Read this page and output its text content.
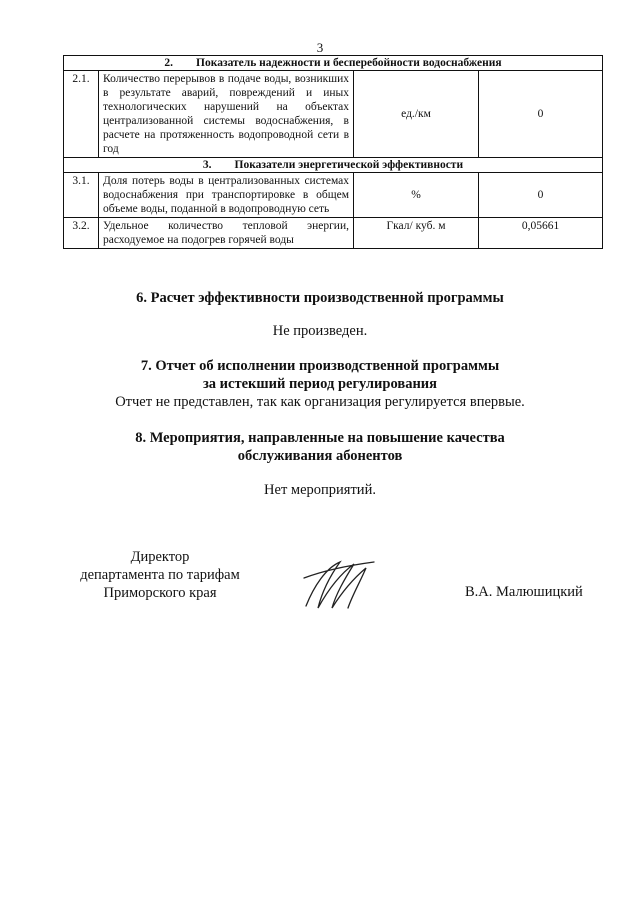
3
2. Показатель надежности и бесперебойности водоснабжения			
2.1.	Количество перерывов в подаче воды, возникших в результате аварий, повреждений и иных технологических нарушений на объектах централизованной системы водоснабжения, в расчете на протяженность водопроводной сети в год	ед./км	0
3. Показатели энергетической эффективности			
3.1.	Доля потерь воды в централизованных системах водоснабжения при транспортировке в общем объеме воды, поданной в водопроводную сеть	%	0
3.2.	Удельное количество тепловой энергии, расходуемое на подогрев горячей воды	Гкал/ куб. м	0,05661
6. Расчет эффективности производственной программы
Не произведен.
7. Отчет об исполнении производственной программы
за истекший период регулирования
Отчет не представлен, так как организация регулируется впервые.
8. Мероприятия, направленные на повышение качества
обслуживания абонентов
Нет мероприятий.
Директор
департамента по тарифам
Приморского края	В.А. Малюшицкий
